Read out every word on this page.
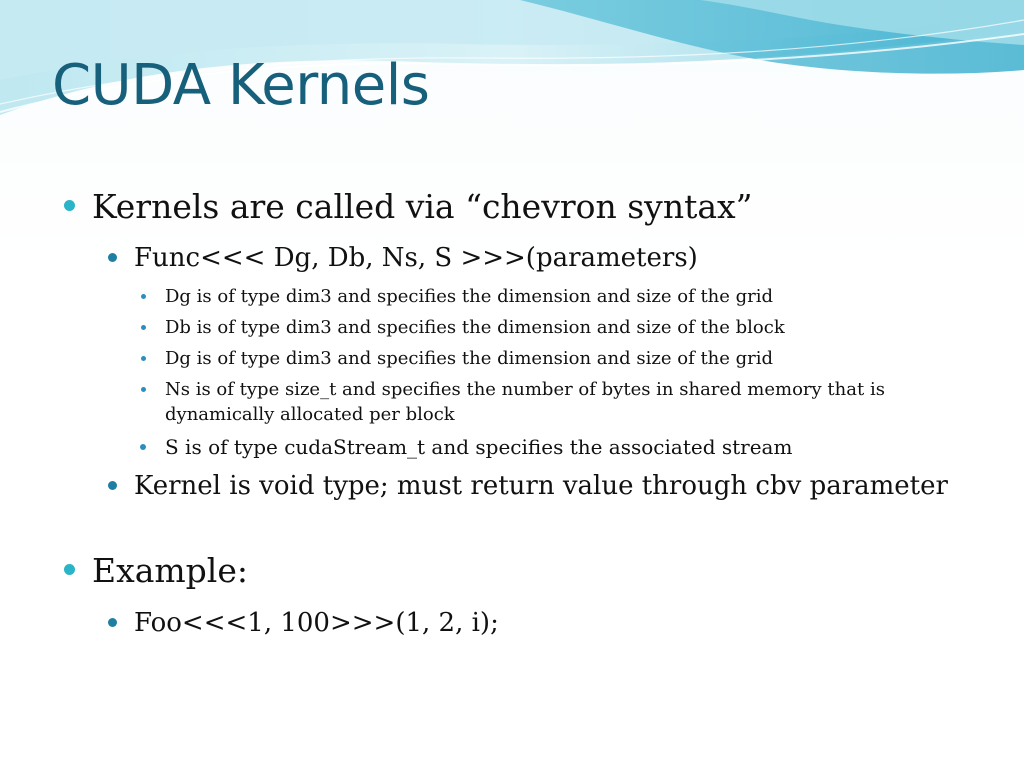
CUDA Kernels
Kernels are called via “chevron syntax”
Func<<< Dg, Db, Ns, S >>>(parameters)
Dg is of type dim3 and specifies the dimension and size of the grid
Db is of type dim3 and specifies the dimension and size of the block
Dg is of type dim3 and specifies the dimension and size of the grid
Ns is of type size_t and specifies the number of bytes in shared memory that is
dynamically allocated per block
S is of type cudaStream_t and specifies the associated stream
Kernel is void type; must return value through cbv parameter
Example:
Foo<<<1, 100>>>(1, 2, i);
